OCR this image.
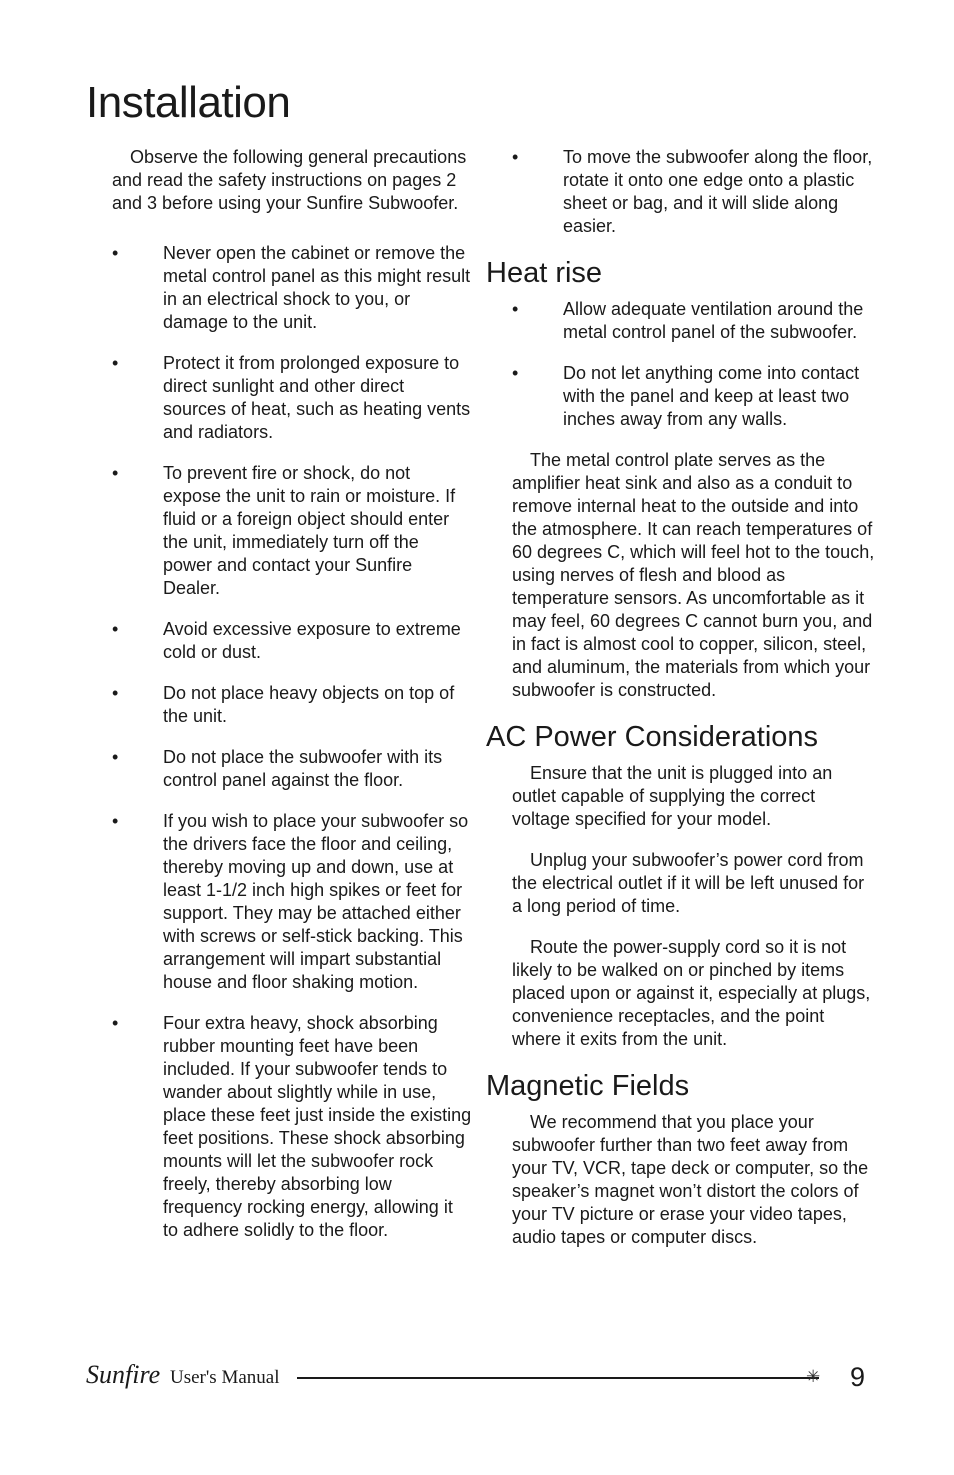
Installation

Observe the following general precautions and read the safety instructions on pages 2 and 3 before using your Sunfire Subwoofer.

•	Never open the cabinet or remove the metal control panel as this might result in an electrical shock to you, or damage to the unit.
•	Protect it from prolonged exposure to direct sunlight and other direct sources of heat, such as heating vents and radiators.
•	To prevent fire or shock, do not expose the unit to rain or moisture. If fluid or a foreign object should enter the unit, immediately turn off the power and contact your Sunfire Dealer.
•	Avoid excessive exposure to extreme cold or dust.
•	Do not place heavy objects on top of the unit.
•	Do not place the subwoofer with its control panel against the floor.
•	If you wish to place your subwoofer so the drivers face the floor and ceiling, thereby moving up and down, use at least 1-1/2 inch high spikes or feet for support. They may be attached either with screws or self-stick backing. This arrangement will impart substantial house and floor shaking motion.
•	Four extra heavy, shock absorbing rubber mounting feet have been included. If your subwoofer tends to wander about slightly while in use, place these feet just inside the existing feet positions. These shock absorbing mounts will let the subwoofer rock freely, thereby absorbing low frequency rocking energy, allowing it to adhere solidly to the floor.
•	To move the subwoofer along the floor, rotate it onto one edge onto a plastic sheet or bag, and it will slide along easier.
Heat rise
•	Allow adequate ventilation around the metal control panel of the subwoofer.
•	Do not let anything come into contact with the panel and keep at least two inches away from any walls.

The metal control plate serves as the amplifier heat sink and also as a conduit to remove internal heat to the outside and into the atmosphere. It can reach temperatures of 60 degrees C, which will feel hot to the touch, using nerves of flesh and blood as temperature sensors. As uncomfortable as it may feel, 60 degrees C cannot burn you, and in fact is almost cool to copper, silicon, steel, and aluminum, the materials from which your subwoofer is constructed.

AC Power Considerations

Ensure that the unit is plugged into an outlet capable of supplying the correct voltage specified for your model.

Unplug your subwoofer’s power cord from the electrical outlet if it will be left unused for a long period of time.

Route the power-supply cord so it is not likely to be walked on or pinched by items placed upon or against it, especially at plugs, convenience receptacles, and the point where it exits from the unit.

Magnetic Fields

We recommend that you place your subwoofer further than two feet away from your TV, VCR, tape deck or computer, so the speaker’s magnet won’t distort the colors of your TV picture or erase your video tapes, audio tapes or computer discs.

Sunfire User's Manual	✳ 9
